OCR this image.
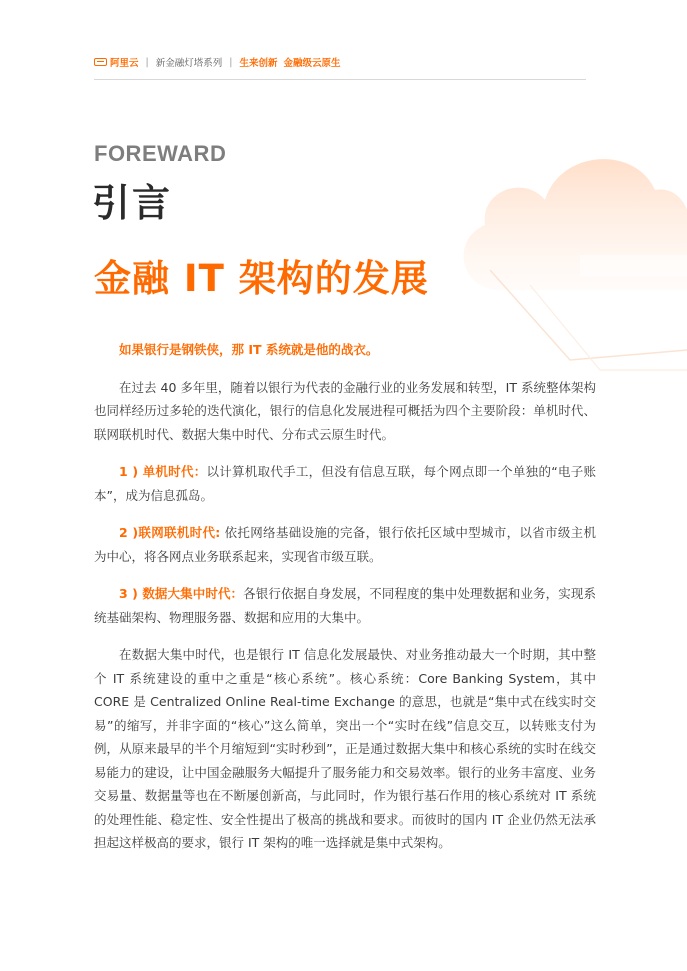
阿里云 | 新金融灯塔系列 | 生来创新 金融级云原生
FOREWARD
引言
金融 IT 架构的发展

如果银行是钢铁侠，那 IT 系统就是他的战衣。

在过去 40 多年里，随着以银行为代表的金融行业的业务发展和转型，IT 系统整体架构也同样经历过多轮的迭代演化，银行的信息化发展进程可概括为四个主要阶段：单机时代、联网联机时代、数据大集中时代、分布式云原生时代。

1 ) 单机时代：以计算机取代手工，但没有信息互联，每个网点即一个单独的“电子账本”，成为信息孤岛。

2 )联网联机时代: 依托网络基础设施的完备，银行依托区域中型城市，以省市级主机为中心，将各网点业务联系起来，实现省市级互联。

3 ) 数据大集中时代：各银行依据自身发展，不同程度的集中处理数据和业务，实现系统基础架构、物理服务器、数据和应用的大集中。

在数据大集中时代，也是银行 IT 信息化发展最快、对业务推动最大一个时期，其中整个 IT 系统建设的重中之重是“核心系统”。核心系统：Core Banking System，其中 CORE 是 Centralized Online Real-time Exchange 的意思，也就是“集中式在线实时交易”的缩写，并非字面的“核心”这么简单，突出一个“实时在线”信息交互，以转账支付为例，从原来最早的半个月缩短到“实时秒到”，正是通过数据大集中和核心系统的实时在线交易能力的建设，让中国金融服务大幅提升了服务能力和交易效率。银行的业务丰富度、业务交易量、数据量等也在不断屡创新高，与此同时，作为银行基石作用的核心系统对 IT 系统的处理性能、稳定性、安全性提出了极高的挑战和要求。而彼时的国内 IT 企业仍然无法承担起这样极高的要求，银行 IT 架构的唯一选择就是集中式架构。
